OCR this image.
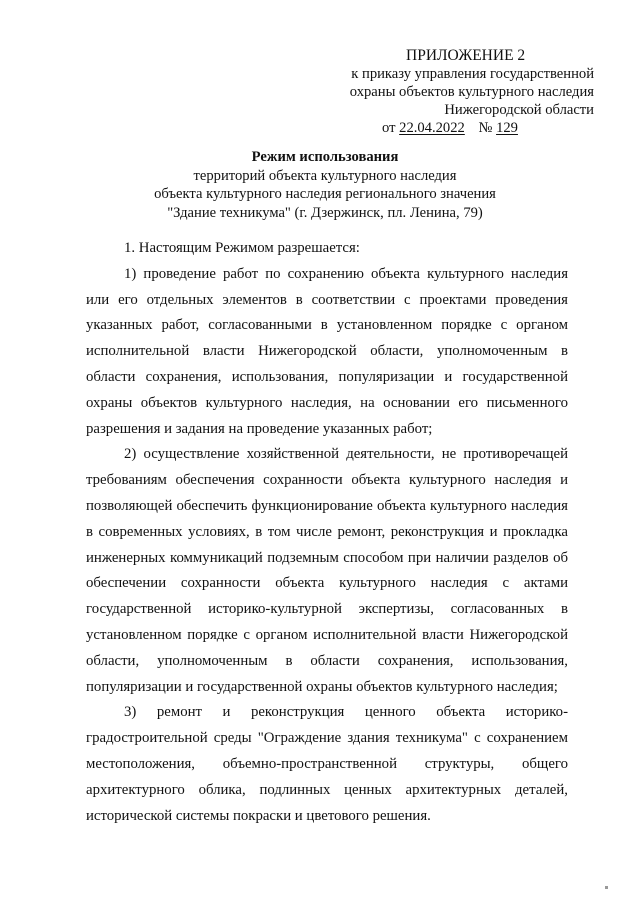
ПРИЛОЖЕНИЕ 2
к приказу управления государственной
охраны объектов культурного наследия
Нижегородской области
от 22.04.2022 № 129
Режим использования
территорий объекта культурного наследия
объекта культурного наследия регионального значения
"Здание техникума" (г. Дзержинск, пл. Ленина, 79)

1. Настоящим Режимом разрешается:

1) проведение работ по сохранению объекта культурного наследия или его отдельных элементов в соответствии с проектами проведения указанных работ, согласованными в установленном порядке с органом исполнительной власти Нижегородской области, уполномоченным в области сохранения, использования, популяризации и государственной охраны объектов культурного наследия, на основании его письменного разрешения и задания на проведение указанных работ;

2) осуществление хозяйственной деятельности, не противоречащей требованиям обеспечения сохранности объекта культурного наследия и позволяющей обеспечить функционирование объекта культурного наследия в современных условиях, в том числе ремонт, реконструкция и прокладка инженерных коммуникаций подземным способом при наличии разделов об обеспечении сохранности объекта культурного наследия с актами государственной историко-культурной экспертизы, согласованных в установленном порядке с органом исполнительной власти Нижегородской области, уполномоченным в области сохранения, использования, популяризации и государственной охраны объектов культурного наследия;

3) ремонт и реконструкция ценного объекта историко-градостроительной среды "Ограждение здания техникума" с сохранением местоположения, объемно-пространственной структуры, общего архитектурного облика, подлинных ценных архитектурных деталей, исторической системы покраски и цветового решения.
